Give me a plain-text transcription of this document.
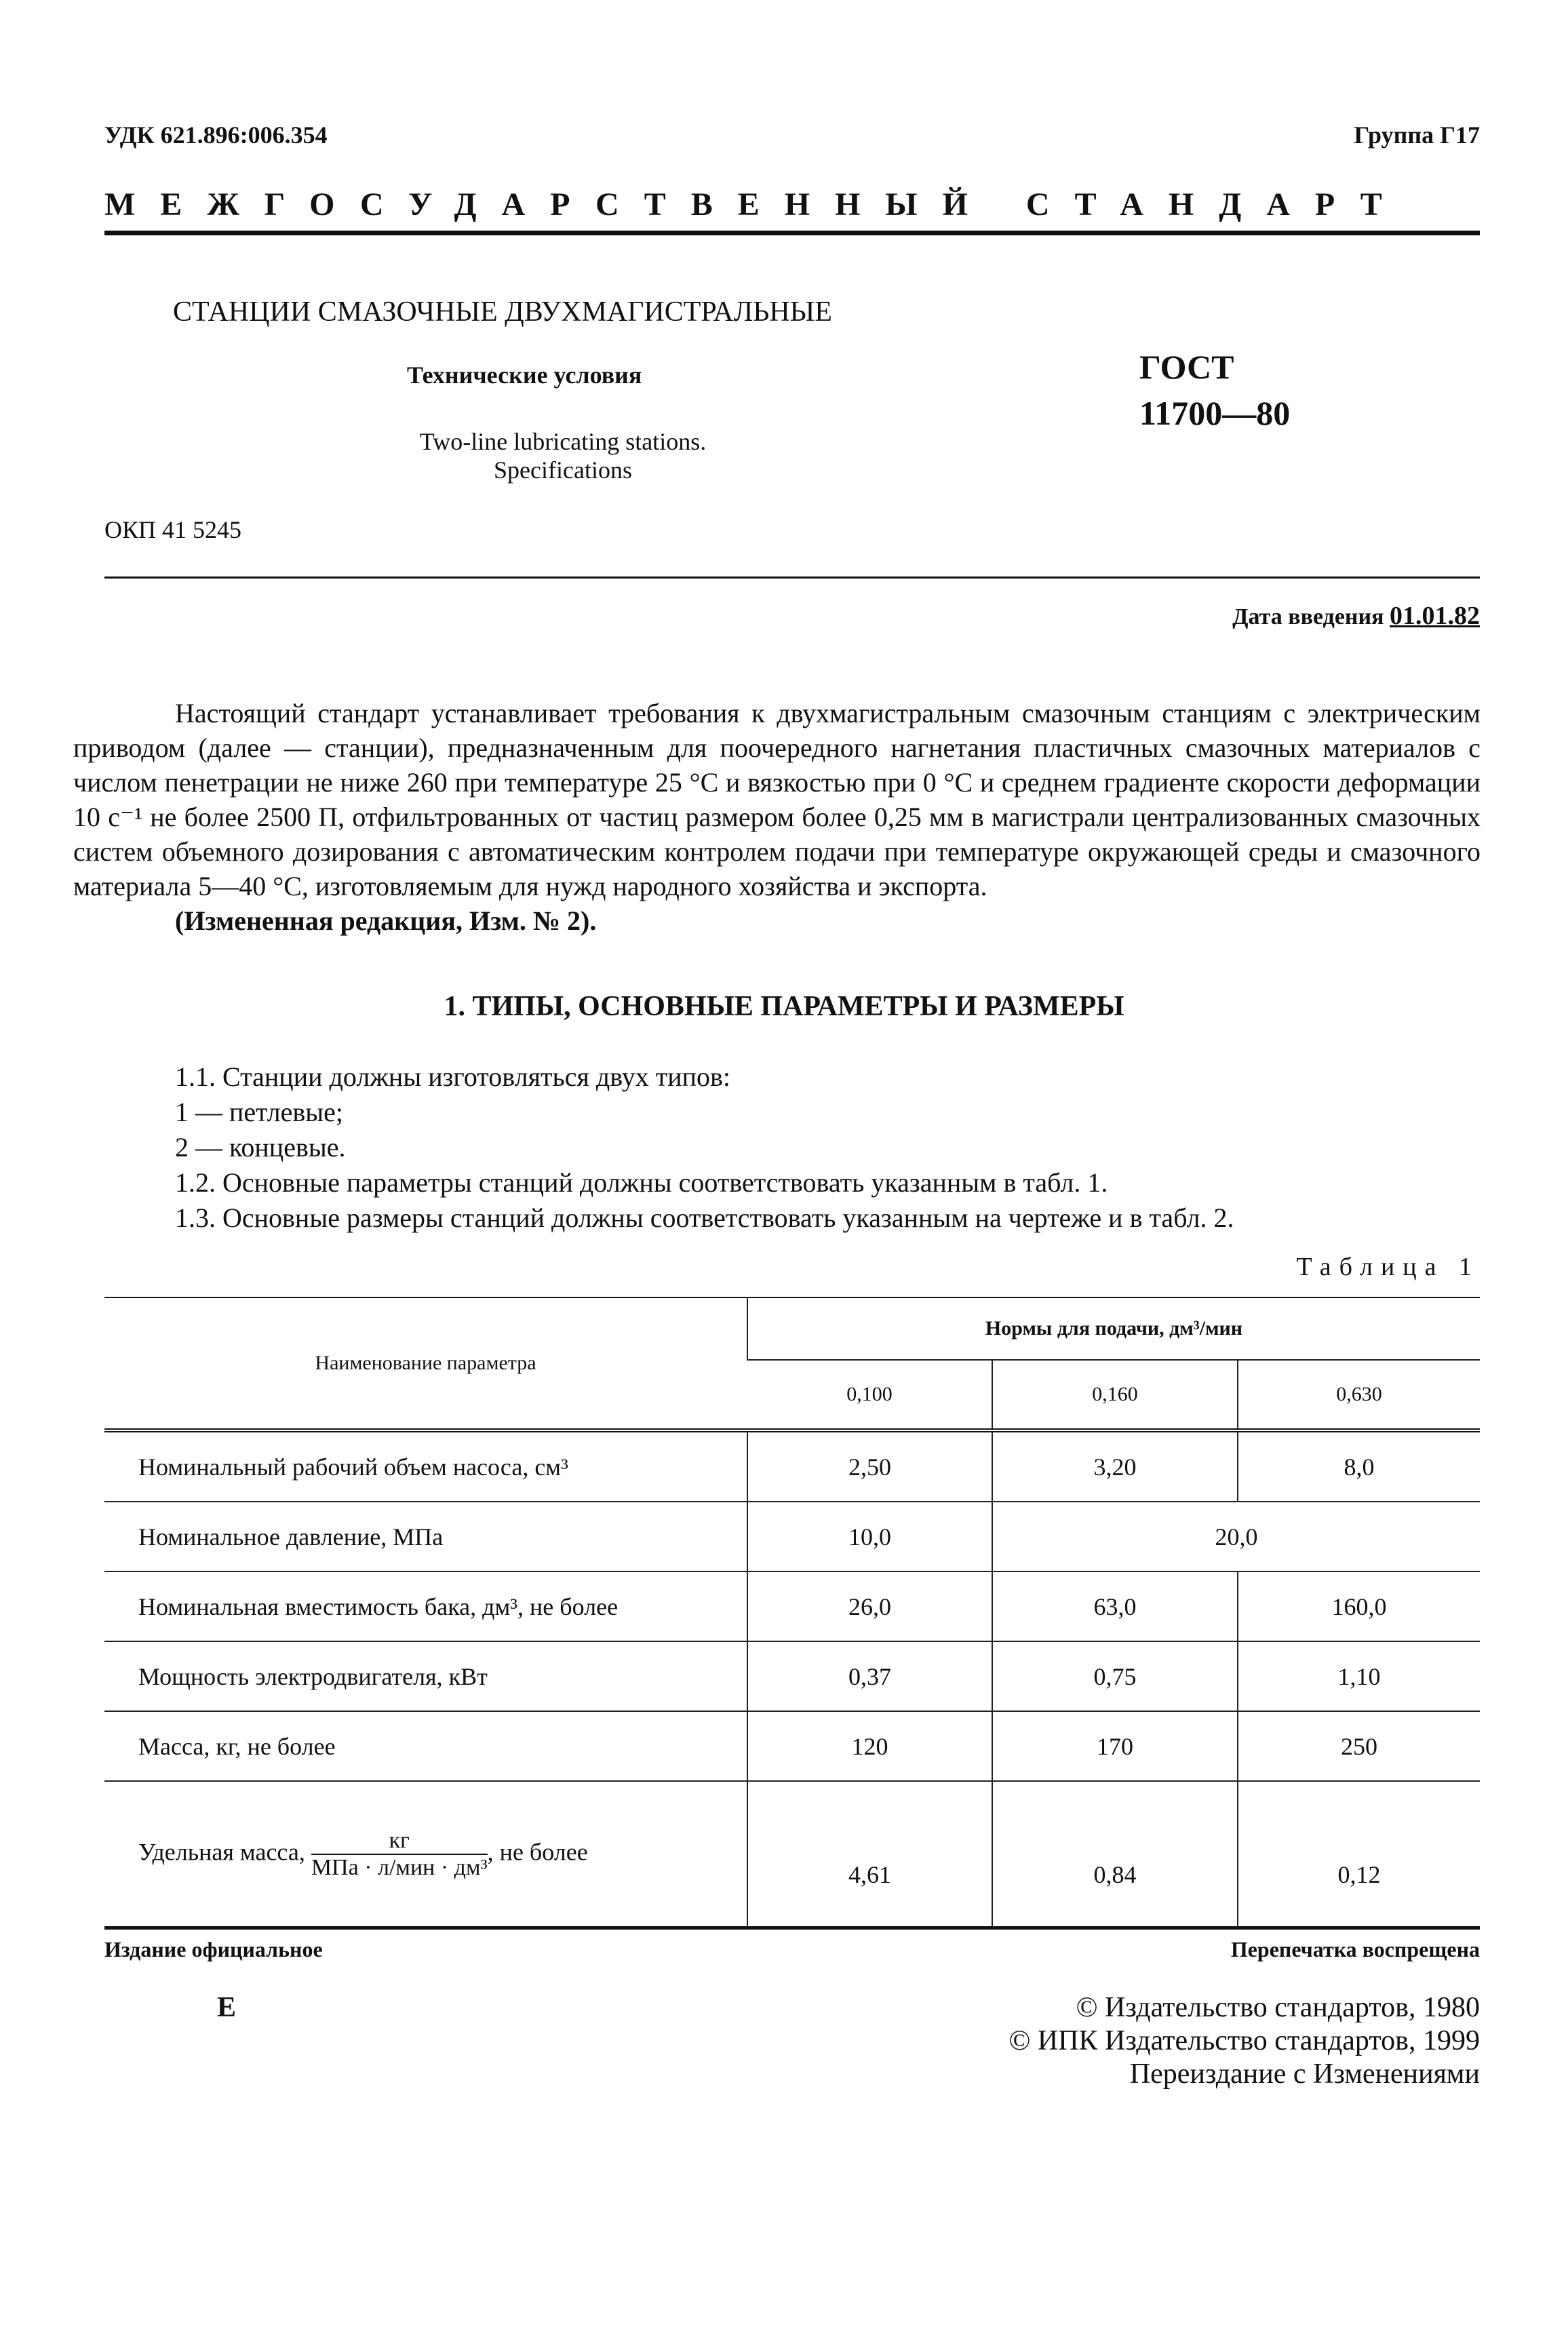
УДК 621.896:006.354	Группа Г17
МЕЖГОСУДАРСТВЕННЫЙ СТАНДАРТ
СТАНЦИИ СМАЗОЧНЫЕ ДВУХМАГИСТРАЛЬНЫЕ
Технические условия
Two-line lubricating stations.
Specifications
ГОСТ
11700—80
ОКП 41 5245
Дата введения 01.01.82

Настоящий стандарт устанавливает требования к двухмагистральным смазочным станциям с электрическим приводом (далее — станции), предназначенным для поочередного нагнетания пластичных смазочных материалов с числом пенетрации не ниже 260 при температуре 25 °С и вязкостью при 0 °С и среднем градиенте скорости деформации 10 с⁻¹ не более 2500 П, отфильтрованных от частиц размером более 0,25 мм в магистрали централизованных смазочных систем объемного дозирования с автоматическим контролем подачи при температуре окружающей среды и смазочного материала 5—40 °С, изготовляемым для нужд народного хозяйства и экспорта.

(Измененная редакция, Изм. № 2).

1. ТИПЫ, ОСНОВНЫЕ ПАРАМЕТРЫ И РАЗМЕРЫ
1.1. Станции должны изготовляться двух типов:
1 — петлевые;
2 — концевые.
1.2. Основные параметры станций должны соответствовать указанным в табл. 1.
1.3. Основные размеры станций должны соответствовать указанным на чертеже и в табл. 2.
Таблица 1
Наименование параметра	Нормы для подачи, дм³/мин		
	0,100	0,160	0,630
Номинальный рабочий объем насоса, см³	2,50	3,20	8,0
Номинальное давление, МПа	10,0	20,0	
Номинальная вместимость бака, дм³, не более	26,0	63,0	160,0
Мощность электродвигателя, кВт	0,37	0,75	1,10
Масса, кг, не более	120	170	250
Удельная масса, $\frac{кг}{\text{МПа · л/мин · дм³}}$ , не более	4,61	0,84	0,12
Издание официальное	Перепечатка воспрещена
Е	© Издательство стандартов, 1980
© ИПК Издательство стандартов, 1999
Переиздание с Изменениями
